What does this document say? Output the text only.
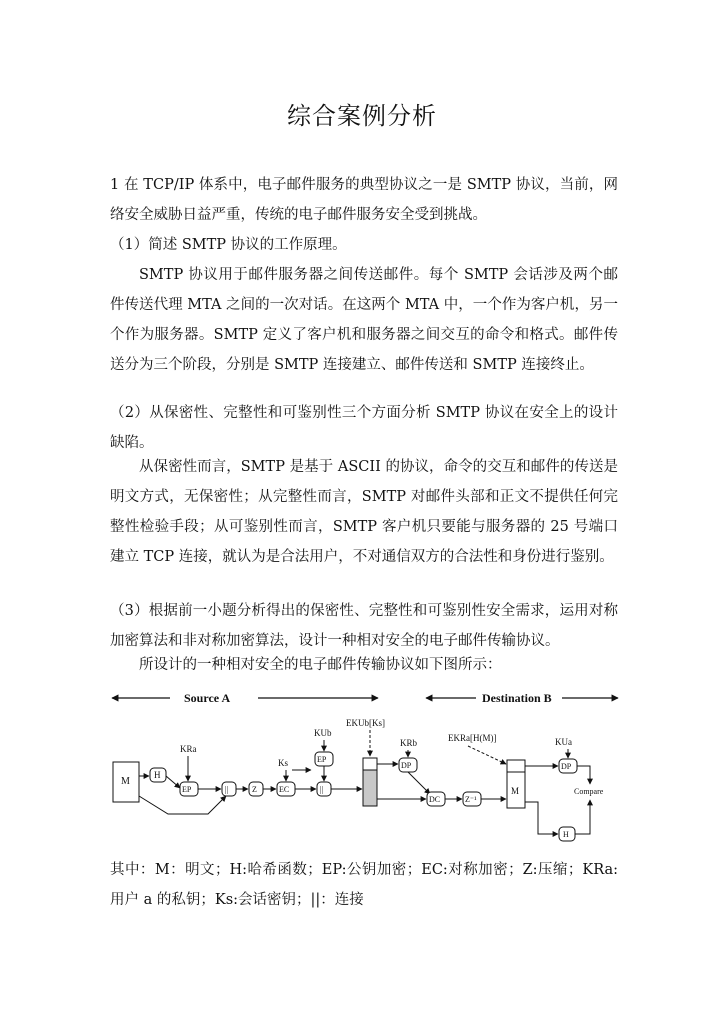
综合案例分析

1 在 TCP/IP 体系中，电子邮件服务的典型协议之一是 SMTP 协议，当前，网络安全威胁日益严重，传统的电子邮件服务安全受到挑战。

（1）简述 SMTP 协议的工作原理。

SMTP 协议用于邮件服务器之间传送邮件。每个 SMTP 会话涉及两个邮件传送代理 MTA 之间的一次对话。在这两个 MTA 中，一个作为客户机，另一个作为服务器。SMTP 定义了客户机和服务器之间交互的命令和格式。邮件传送分为三个阶段，分别是 SMTP 连接建立、邮件传送和 SMTP 连接终止。

（2）从保密性、完整性和可鉴别性三个方面分析 SMTP 协议在安全上的设计缺陷。

从保密性而言，SMTP 是基于 ASCII 的协议，命令的交互和邮件的传送是明文方式，无保密性；从完整性而言，SMTP 对邮件头部和正文不提供任何完整性检验手段；从可鉴别性而言，SMTP 客户机只要能与服务器的 25 号端口建立 TCP 连接，就认为是合法用户，不对通信双方的合法性和身份进行鉴别。

（3）根据前一小题分析得出的保密性、完整性和可鉴别性安全需求，运用对称加密算法和非对称加密算法，设计一种相对安全的电子邮件传输协议。

所设计的一种相对安全的电子邮件传输协议如下图所示：

Source A	Destination B
M
H
KRa
EP	||	Z
Ks
EC	||
KUb
EP
EKUb[Ks]
KRb
DP
DC	Z⁻¹
EKRa[H(M)]
M
KUa
DP
Compare
H

其中：M：明文；H:哈希函数；EP:公钥加密；EC:对称加密；Z:压缩；KRa:用户 a 的私钥；Ks:会话密钥；||：连接
